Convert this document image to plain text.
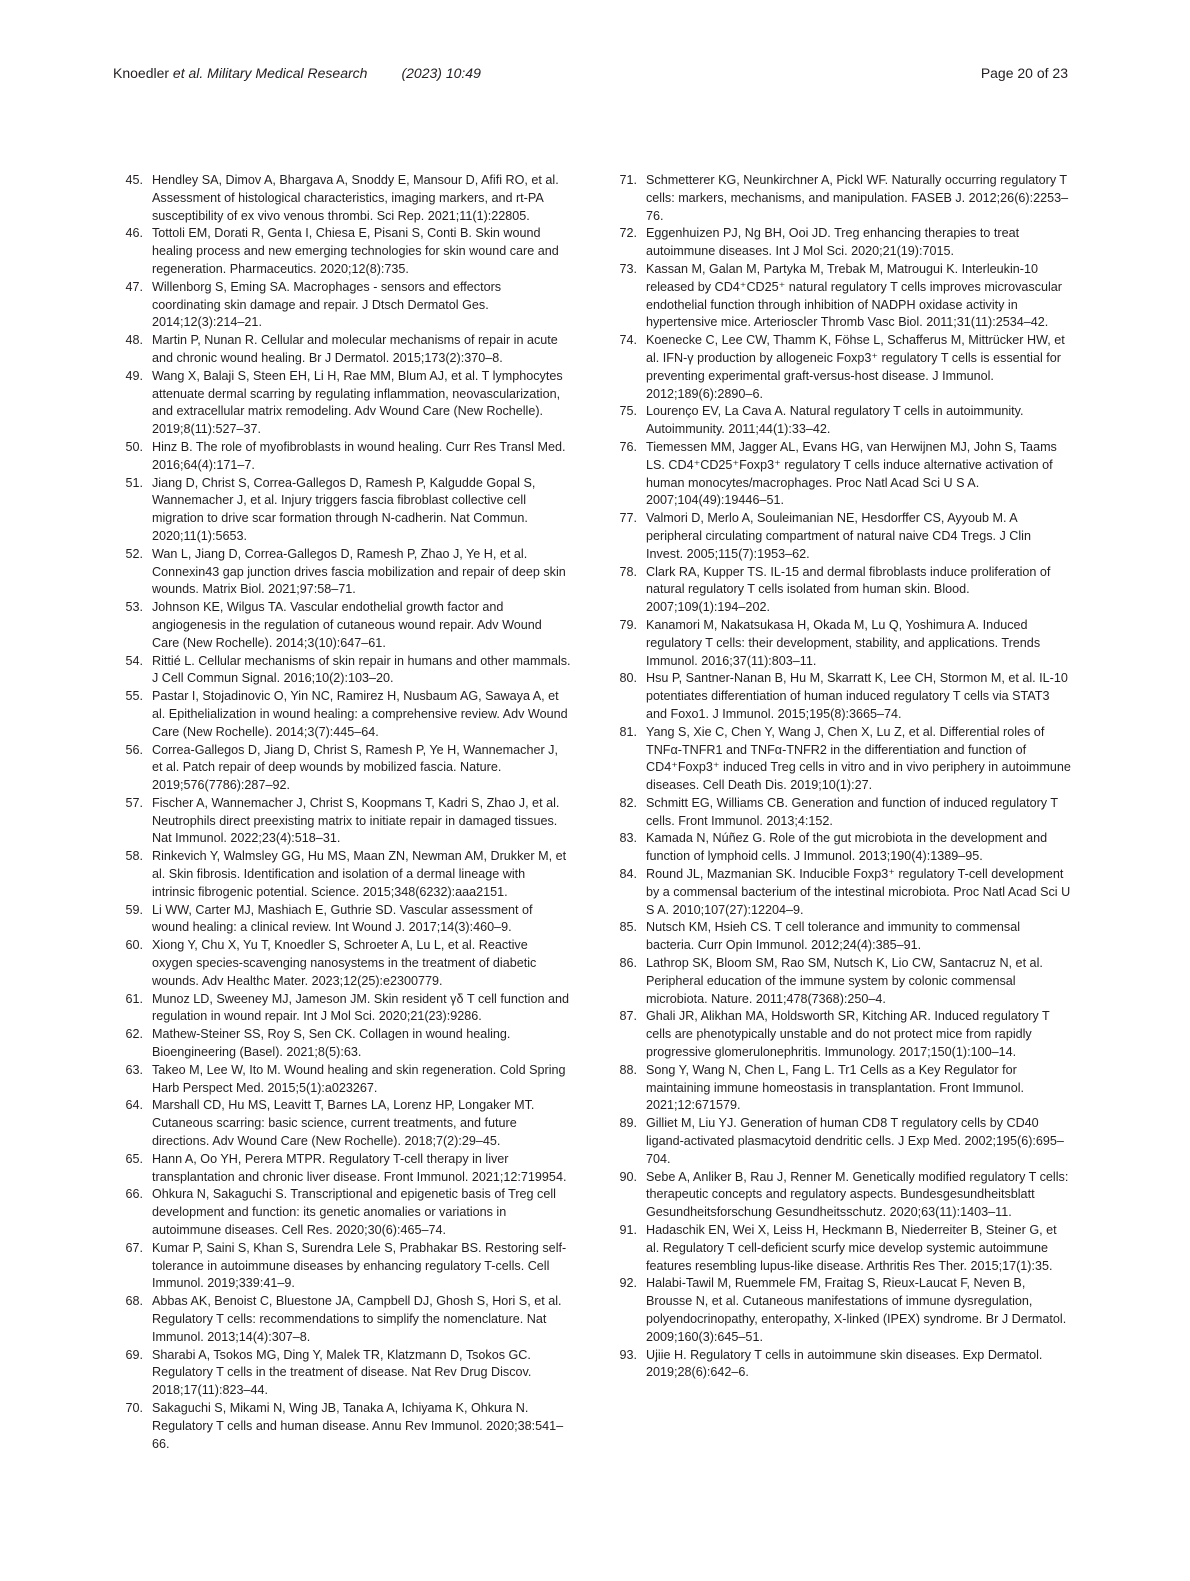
Knoedler et al. Military Medical Research (2023) 10:49	Page 20 of 23
45. Hendley SA, Dimov A, Bhargava A, Snoddy E, Mansour D, Afifi RO, et al. Assessment of histological characteristics, imaging markers, and rt-PA susceptibility of ex vivo venous thrombi. Sci Rep. 2021;11(1):22805.
46. Tottoli EM, Dorati R, Genta I, Chiesa E, Pisani S, Conti B. Skin wound healing process and new emerging technologies for skin wound care and regeneration. Pharmaceutics. 2020;12(8):735.
47. Willenborg S, Eming SA. Macrophages - sensors and effectors coordinating skin damage and repair. J Dtsch Dermatol Ges. 2014;12(3):214–21.
48. Martin P, Nunan R. Cellular and molecular mechanisms of repair in acute and chronic wound healing. Br J Dermatol. 2015;173(2):370–8.
49. Wang X, Balaji S, Steen EH, Li H, Rae MM, Blum AJ, et al. T lymphocytes attenuate dermal scarring by regulating inflammation, neovascularization, and extracellular matrix remodeling. Adv Wound Care (New Rochelle). 2019;8(11):527–37.
50. Hinz B. The role of myofibroblasts in wound healing. Curr Res Transl Med. 2016;64(4):171–7.
51. Jiang D, Christ S, Correa-Gallegos D, Ramesh P, Kalgudde Gopal S, Wannemacher J, et al. Injury triggers fascia fibroblast collective cell migration to drive scar formation through N-cadherin. Nat Commun. 2020;11(1):5653.
52. Wan L, Jiang D, Correa-Gallegos D, Ramesh P, Zhao J, Ye H, et al. Connexin43 gap junction drives fascia mobilization and repair of deep skin wounds. Matrix Biol. 2021;97:58–71.
53. Johnson KE, Wilgus TA. Vascular endothelial growth factor and angiogenesis in the regulation of cutaneous wound repair. Adv Wound Care (New Rochelle). 2014;3(10):647–61.
54. Rittié L. Cellular mechanisms of skin repair in humans and other mammals. J Cell Commun Signal. 2016;10(2):103–20.
55. Pastar I, Stojadinovic O, Yin NC, Ramirez H, Nusbaum AG, Sawaya A, et al. Epithelialization in wound healing: a comprehensive review. Adv Wound Care (New Rochelle). 2014;3(7):445–64.
56. Correa-Gallegos D, Jiang D, Christ S, Ramesh P, Ye H, Wannemacher J, et al. Patch repair of deep wounds by mobilized fascia. Nature. 2019;576(7786):287–92.
57. Fischer A, Wannemacher J, Christ S, Koopmans T, Kadri S, Zhao J, et al. Neutrophils direct preexisting matrix to initiate repair in damaged tissues. Nat Immunol. 2022;23(4):518–31.
58. Rinkevich Y, Walmsley GG, Hu MS, Maan ZN, Newman AM, Drukker M, et al. Skin fibrosis. Identification and isolation of a dermal lineage with intrinsic fibrogenic potential. Science. 2015;348(6232):aaa2151.
59. Li WW, Carter MJ, Mashiach E, Guthrie SD. Vascular assessment of wound healing: a clinical review. Int Wound J. 2017;14(3):460–9.
60. Xiong Y, Chu X, Yu T, Knoedler S, Schroeter A, Lu L, et al. Reactive oxygen species-scavenging nanosystems in the treatment of diabetic wounds. Adv Healthc Mater. 2023;12(25):e2300779.
61. Munoz LD, Sweeney MJ, Jameson JM. Skin resident γδ T cell function and regulation in wound repair. Int J Mol Sci. 2020;21(23):9286.
62. Mathew-Steiner SS, Roy S, Sen CK. Collagen in wound healing. Bioengineering (Basel). 2021;8(5):63.
63. Takeo M, Lee W, Ito M. Wound healing and skin regeneration. Cold Spring Harb Perspect Med. 2015;5(1):a023267.
64. Marshall CD, Hu MS, Leavitt T, Barnes LA, Lorenz HP, Longaker MT. Cutaneous scarring: basic science, current treatments, and future directions. Adv Wound Care (New Rochelle). 2018;7(2):29–45.
65. Hann A, Oo YH, Perera MTPR. Regulatory T-cell therapy in liver transplantation and chronic liver disease. Front Immunol. 2021;12:719954.
66. Ohkura N, Sakaguchi S. Transcriptional and epigenetic basis of Treg cell development and function: its genetic anomalies or variations in autoimmune diseases. Cell Res. 2020;30(6):465–74.
67. Kumar P, Saini S, Khan S, Surendra Lele S, Prabhakar BS. Restoring self-tolerance in autoimmune diseases by enhancing regulatory T-cells. Cell Immunol. 2019;339:41–9.
68. Abbas AK, Benoist C, Bluestone JA, Campbell DJ, Ghosh S, Hori S, et al. Regulatory T cells: recommendations to simplify the nomenclature. Nat Immunol. 2013;14(4):307–8.
69. Sharabi A, Tsokos MG, Ding Y, Malek TR, Klatzmann D, Tsokos GC. Regulatory T cells in the treatment of disease. Nat Rev Drug Discov. 2018;17(11):823–44.
70. Sakaguchi S, Mikami N, Wing JB, Tanaka A, Ichiyama K, Ohkura N. Regulatory T cells and human disease. Annu Rev Immunol. 2020;38:541–66.
71. Schmetterer KG, Neunkirchner A, Pickl WF. Naturally occurring regulatory T cells: markers, mechanisms, and manipulation. FASEB J. 2012;26(6):2253–76.
72. Eggenhuizen PJ, Ng BH, Ooi JD. Treg enhancing therapies to treat autoimmune diseases. Int J Mol Sci. 2020;21(19):7015.
73. Kassan M, Galan M, Partyka M, Trebak M, Matrougui K. Interleukin-10 released by CD4⁺CD25⁺ natural regulatory T cells improves microvascular endothelial function through inhibition of NADPH oxidase activity in hypertensive mice. Arterioscler Thromb Vasc Biol. 2011;31(11):2534–42.
74. Koenecke C, Lee CW, Thamm K, Föhse L, Schafferus M, Mittrücker HW, et al. IFN-γ production by allogeneic Foxp3⁺ regulatory T cells is essential for preventing experimental graft-versus-host disease. J Immunol. 2012;189(6):2890–6.
75. Lourenço EV, La Cava A. Natural regulatory T cells in autoimmunity. Autoimmunity. 2011;44(1):33–42.
76. Tiemessen MM, Jagger AL, Evans HG, van Herwijnen MJ, John S, Taams LS. CD4⁺CD25⁺Foxp3⁺ regulatory T cells induce alternative activation of human monocytes/macrophages. Proc Natl Acad Sci U S A. 2007;104(49):19446–51.
77. Valmori D, Merlo A, Souleimanian NE, Hesdorffer CS, Ayyoub M. A peripheral circulating compartment of natural naive CD4 Tregs. J Clin Invest. 2005;115(7):1953–62.
78. Clark RA, Kupper TS. IL-15 and dermal fibroblasts induce proliferation of natural regulatory T cells isolated from human skin. Blood. 2007;109(1):194–202.
79. Kanamori M, Nakatsukasa H, Okada M, Lu Q, Yoshimura A. Induced regulatory T cells: their development, stability, and applications. Trends Immunol. 2016;37(11):803–11.
80. Hsu P, Santner-Nanan B, Hu M, Skarratt K, Lee CH, Stormon M, et al. IL-10 potentiates differentiation of human induced regulatory T cells via STAT3 and Foxo1. J Immunol. 2015;195(8):3665–74.
81. Yang S, Xie C, Chen Y, Wang J, Chen X, Lu Z, et al. Differential roles of TNFα-TNFR1 and TNFα-TNFR2 in the differentiation and function of CD4⁺Foxp3⁺ induced Treg cells in vitro and in vivo periphery in autoimmune diseases. Cell Death Dis. 2019;10(1):27.
82. Schmitt EG, Williams CB. Generation and function of induced regulatory T cells. Front Immunol. 2013;4:152.
83. Kamada N, Núñez G. Role of the gut microbiota in the development and function of lymphoid cells. J Immunol. 2013;190(4):1389–95.
84. Round JL, Mazmanian SK. Inducible Foxp3⁺ regulatory T-cell development by a commensal bacterium of the intestinal microbiota. Proc Natl Acad Sci U S A. 2010;107(27):12204–9.
85. Nutsch KM, Hsieh CS. T cell tolerance and immunity to commensal bacteria. Curr Opin Immunol. 2012;24(4):385–91.
86. Lathrop SK, Bloom SM, Rao SM, Nutsch K, Lio CW, Santacruz N, et al. Peripheral education of the immune system by colonic commensal microbiota. Nature. 2011;478(7368):250–4.
87. Ghali JR, Alikhan MA, Holdsworth SR, Kitching AR. Induced regulatory T cells are phenotypically unstable and do not protect mice from rapidly progressive glomerulonephritis. Immunology. 2017;150(1):100–14.
88. Song Y, Wang N, Chen L, Fang L. Tr1 Cells as a Key Regulator for maintaining immune homeostasis in transplantation. Front Immunol. 2021;12:671579.
89. Gilliet M, Liu YJ. Generation of human CD8 T regulatory cells by CD40 ligand-activated plasmacytoid dendritic cells. J Exp Med. 2002;195(6):695–704.
90. Sebe A, Anliker B, Rau J, Renner M. Genetically modified regulatory T cells: therapeutic concepts and regulatory aspects. Bundesgesundheitsblatt Gesundheitsforschung Gesundheitsschutz. 2020;63(11):1403–11.
91. Hadaschik EN, Wei X, Leiss H, Heckmann B, Niederreiter B, Steiner G, et al. Regulatory T cell-deficient scurfy mice develop systemic autoimmune features resembling lupus-like disease. Arthritis Res Ther. 2015;17(1):35.
92. Halabi-Tawil M, Ruemmele FM, Fraitag S, Rieux-Laucat F, Neven B, Brousse N, et al. Cutaneous manifestations of immune dysregulation, polyendocrinopathy, enteropathy, X-linked (IPEX) syndrome. Br J Dermatol. 2009;160(3):645–51.
93. Ujiie H. Regulatory T cells in autoimmune skin diseases. Exp Dermatol. 2019;28(6):642–6.
